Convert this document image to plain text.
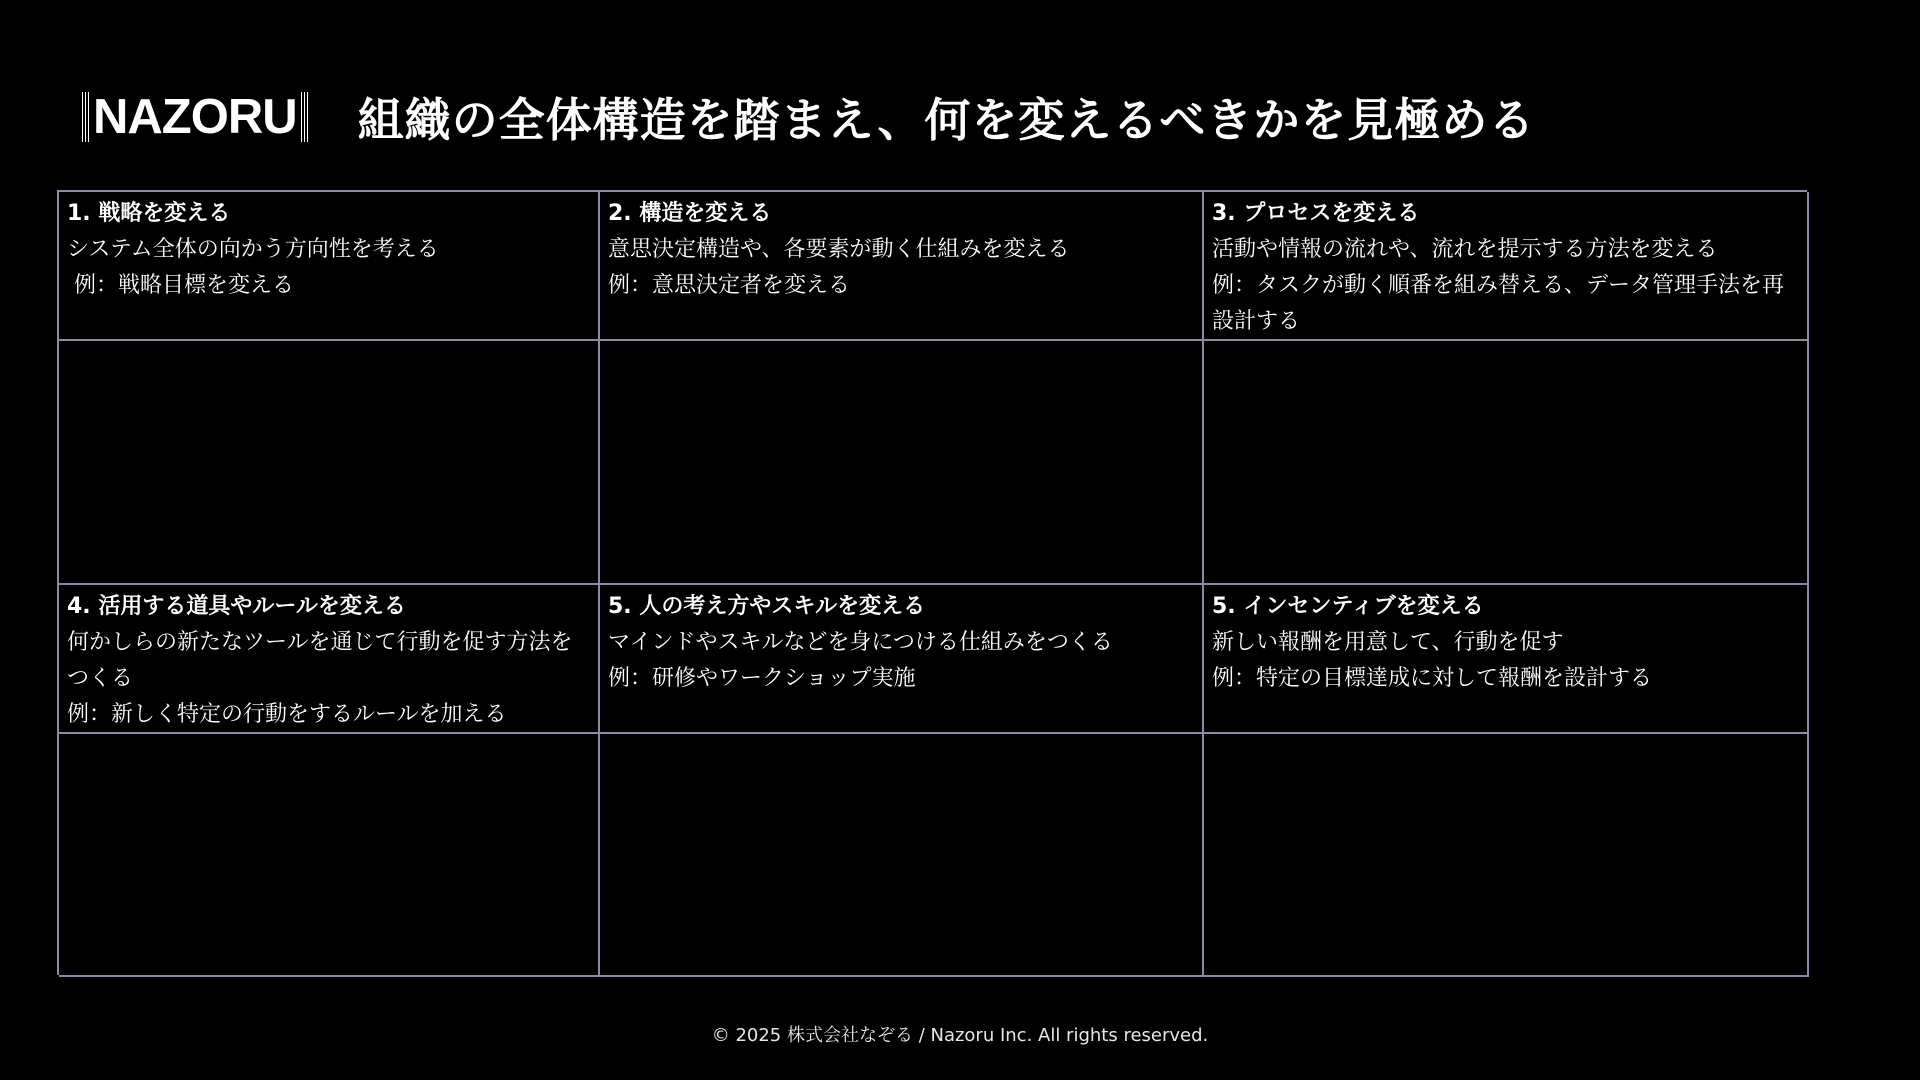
NAZORU 組織の全体構造を踏まえ、何を変えるべきかを見極める
1. 戦略を変える
システム全体の向かう方向性を考える
例：戦略目標を変える
2. 構造を変える
意思決定構造や、各要素が動く仕組みを変える
例：意思決定者を変える
3. プロセスを変える
活動や情報の流れや、流れを提示する方法を変える
例：タスクが動く順番を組み替える、データ管理手法を再設計する
4. 活用する道具やルールを変える
何かしらの新たなツールを通じて行動を促す方法をつくる
例：新しく特定の行動をするルールを加える
5. 人の考え方やスキルを変える
マインドやスキルなどを身につける仕組みをつくる
例：研修やワークショップ実施
5. インセンティブを変える
新しい報酬を用意して、行動を促す
例：特定の目標達成に対して報酬を設計する
© 2025 株式会社なぞる / Nazoru Inc. All rights reserved.
